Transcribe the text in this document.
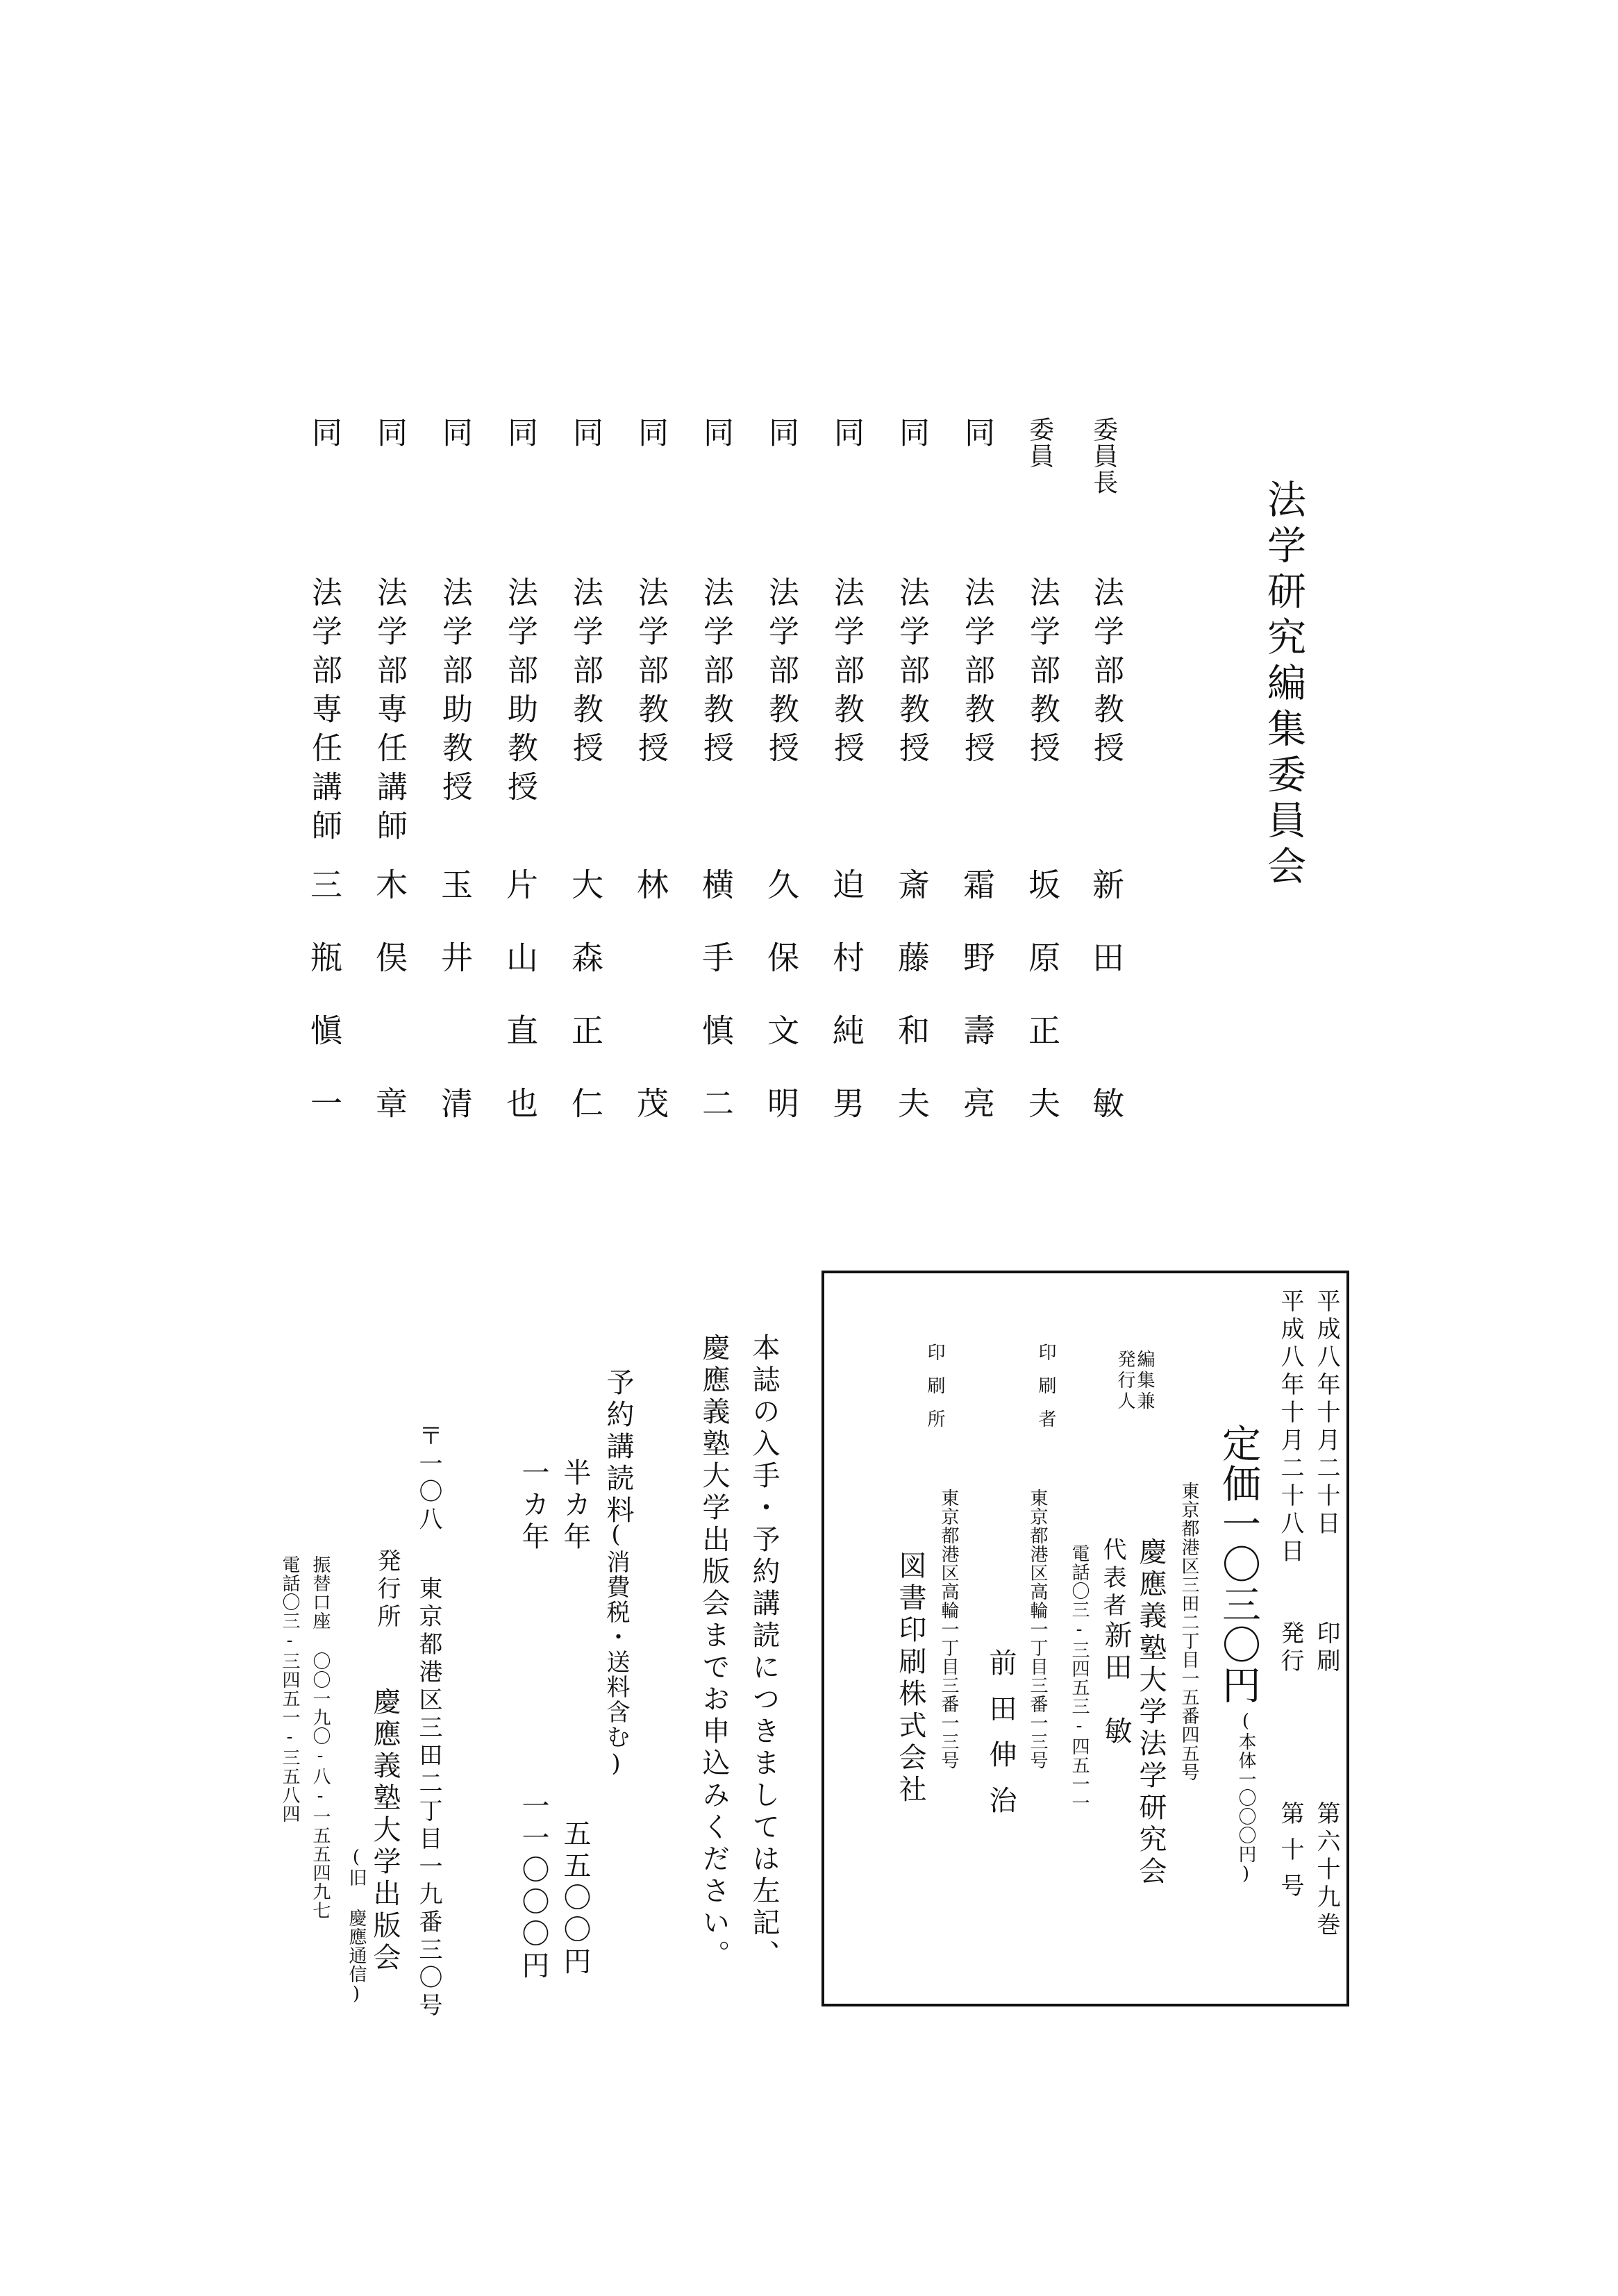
法学研究編集委員会
委員長
法学部教授
新
田
敏
委員
法学部教授
坂
原
正
夫
同
法学部教授
霜
野
壽
亮
同
法学部教授
斎
藤
和
夫
同
法学部教授
迫
村
純
男
同
法学部教授
久
保
文
明
同
法学部教授
横
手
慎
二
同
法学部教授
林
茂
同
法学部教授
大
森
正
仁
同
法学部助教授
片
山
直
也
同
法学部助教授
玉
井
清
同
法学部専任講師
木
俣
章
同
法学部専任講師
三
瓶
愼
一
平成八年十月二十日
印刷
第六十九巻
平成八年十月二十八日
発行
第十号
定価一〇三〇円
(本体一〇〇〇円)
東京都港区三田二丁目一五番四五号
編集兼
発行人
慶應義塾大学法学研究会
代表者
新田　敏
電話〇三-三四五三-四五一一
印刷者
東京都港区高輪一丁目三番一三号
前田伸治
印刷所
東京都港区高輪一丁目三番一三号
図書印刷株式会社
本誌の入手・予約講読につきましては左記、
慶應義塾大学出版会までお申込みください。
予約講読料
(消費税・送料含む)
半カ年
五五〇〇円
一カ年
一一〇〇〇円
〒一〇八
東京都港区三田二丁目一九番三〇号
発行所
慶應義塾大学出版会
(旧 慶應通信)
振替口座 〇〇一九〇-八-一五五四九七
電話〇三-三四五一-三五八四
